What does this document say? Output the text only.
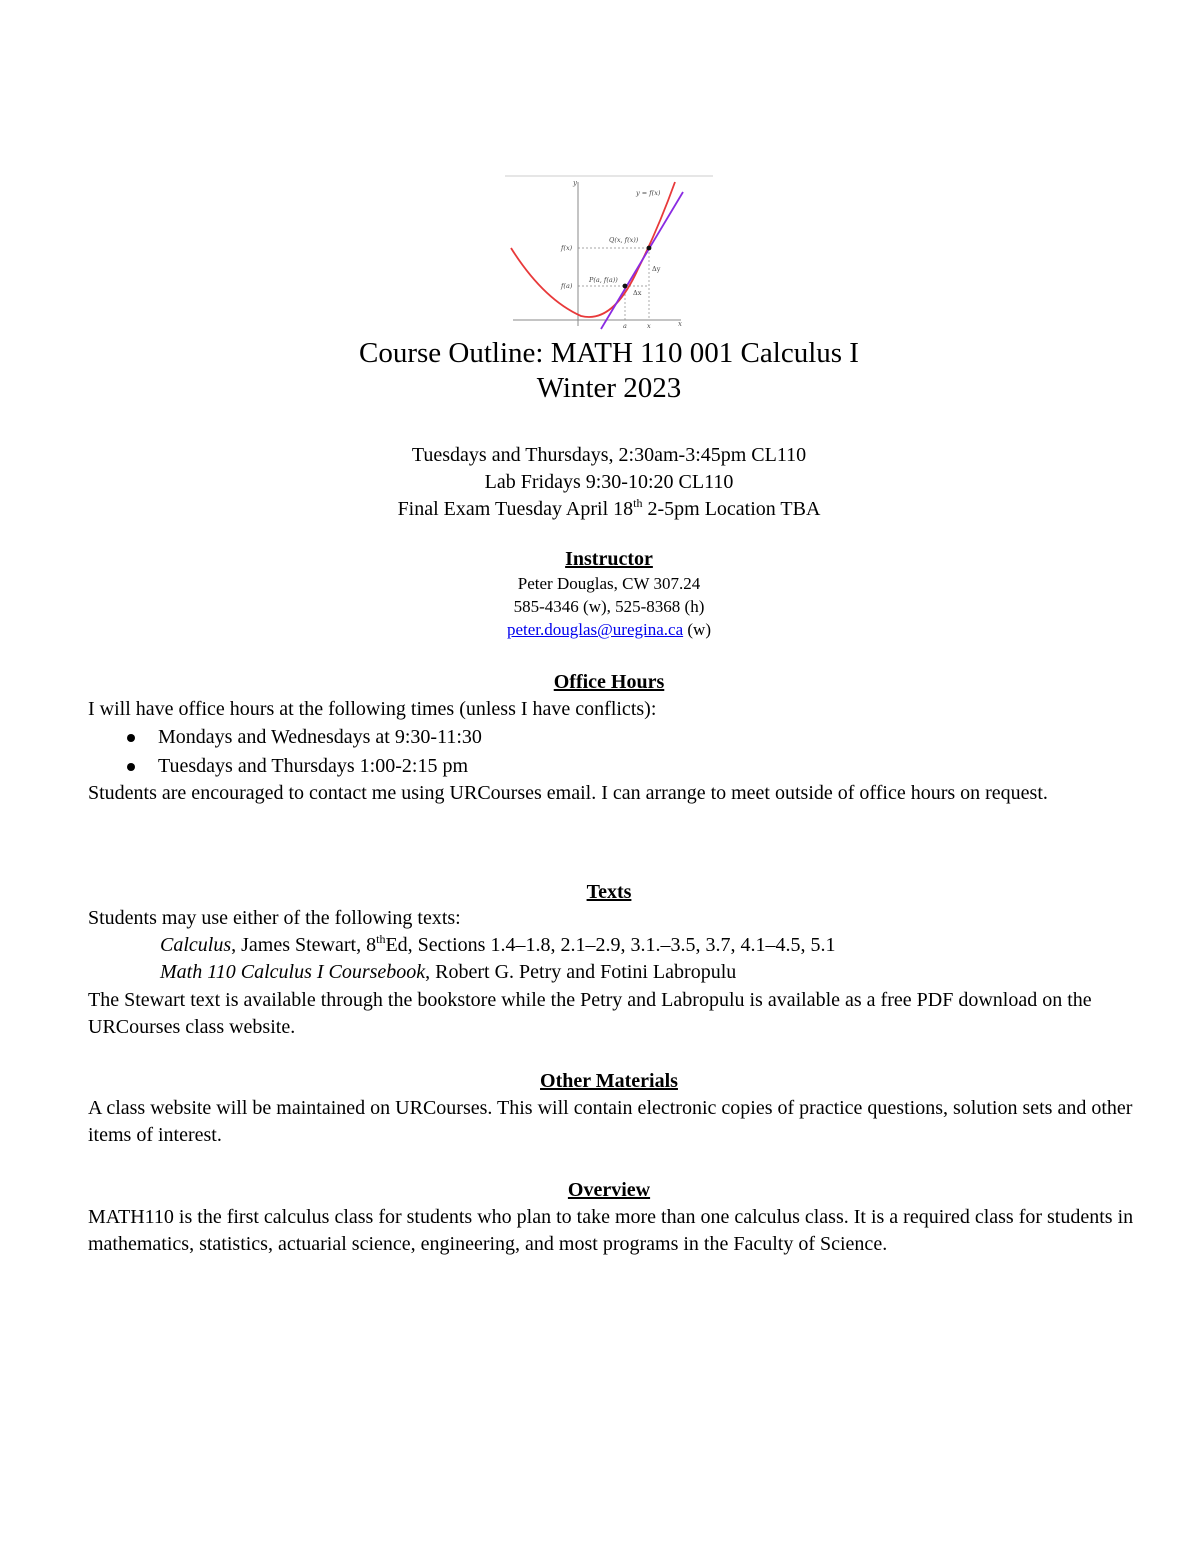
y
x
y = f(x)
Q(x, f(x))
P(a, f(a))
f(x)
f(a)
Δy
Δx
a	x
Course Outline: MATH 110 001 Calculus I
Winter 2023
Tuesdays and Thursdays, 2:30am-3:45pm CL110
Lab Fridays 9:30-10:20 CL110
Final Exam Tuesday April 18th 2-5pm Location TBA
Instructor
Peter Douglas, CW 307.24
585-4346 (w), 525-8368 (h)
peter.douglas@uregina.ca (w)
Office Hours
I will have office hours at the following times (unless I have conflicts):
Mondays and Wednesdays at 9:30-11:30
Tuesdays and Thursdays 1:00-2:15 pm
Students are encouraged to contact me using URCourses email. I can arrange to meet outside of office hours on request.
Texts
Students may use either of the following texts:
Calculus, James Stewart, 8thEd, Sections 1.4–1.8, 2.1–2.9, 3.1.–3.5, 3.7, 4.1–4.5, 5.1
Math 110 Calculus I Coursebook, Robert G. Petry and Fotini Labropulu
The Stewart text is available through the bookstore while the Petry and Labropulu is available as a free PDF download on the URCourses class website.
Other Materials
A class website will be maintained on URCourses. This will contain electronic copies of practice questions, solution sets and other items of interest.
Overview
MATH110 is the first calculus class for students who plan to take more than one calculus class. It is a required class for students in mathematics, statistics, actuarial science, engineering, and most programs in the Faculty of Science.
